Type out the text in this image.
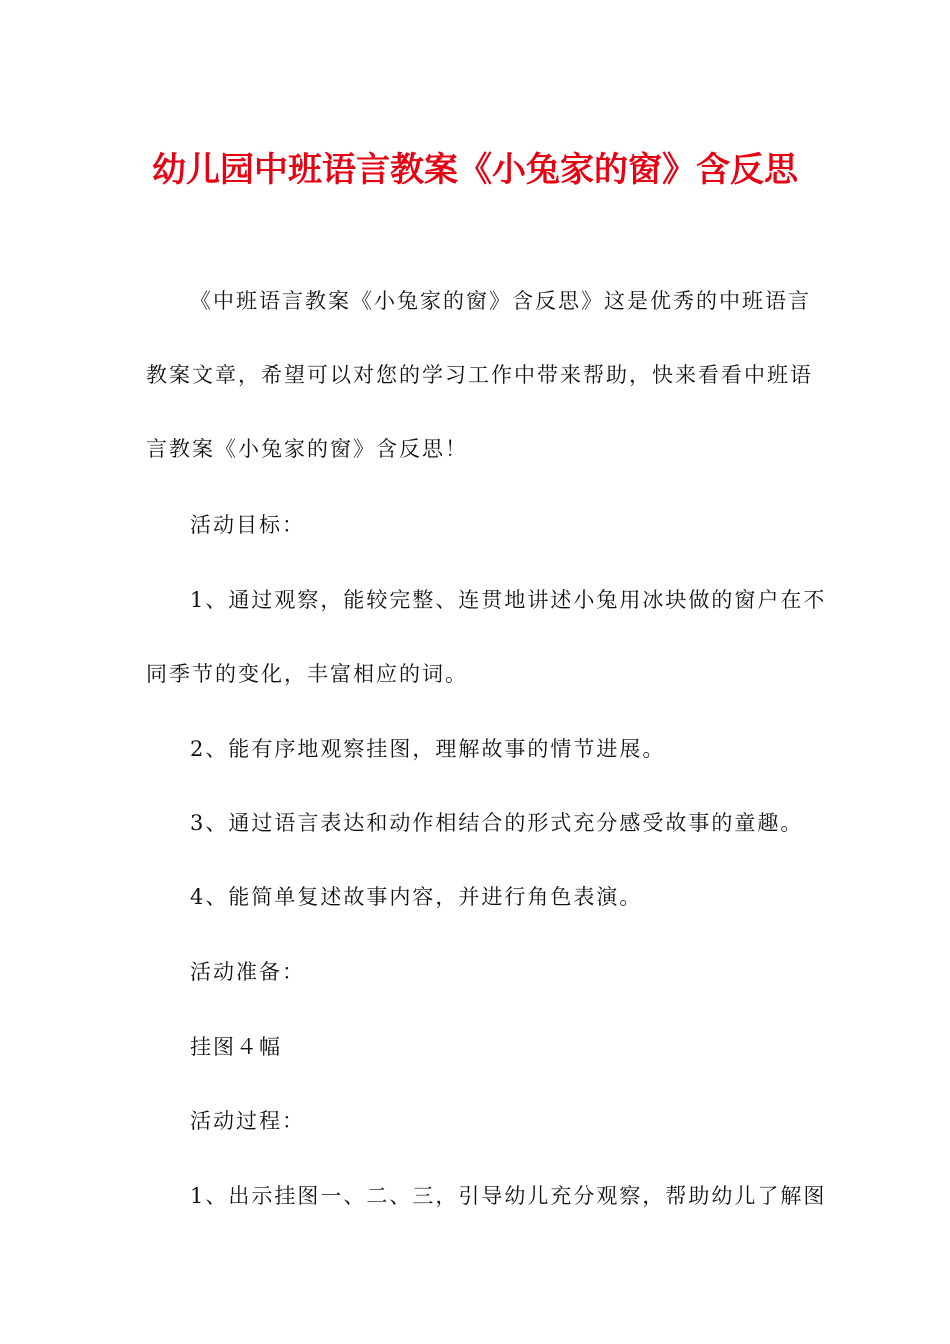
幼儿园中班语言教案《小兔家的窗》含反思
《中班语言教案《小兔家的窗》含反思》这是优秀的中班语言
教案文章，希望可以对您的学习工作中带来帮助，快来看看中班语
言教案《小兔家的窗》含反思！
活动目标：
1、通过观察，能较完整、连贯地讲述小兔用冰块做的窗户在不
同季节的变化，丰富相应的词。
2、能有序地观察挂图，理解故事的情节进展。
3、通过语言表达和动作相结合的形式充分感受故事的童趣。
4、能简单复述故事内容，并进行角色表演。
活动准备：
挂图４幅
活动过程：
1、出示挂图一、二、三，引导幼儿充分观察，帮助幼儿了解图
